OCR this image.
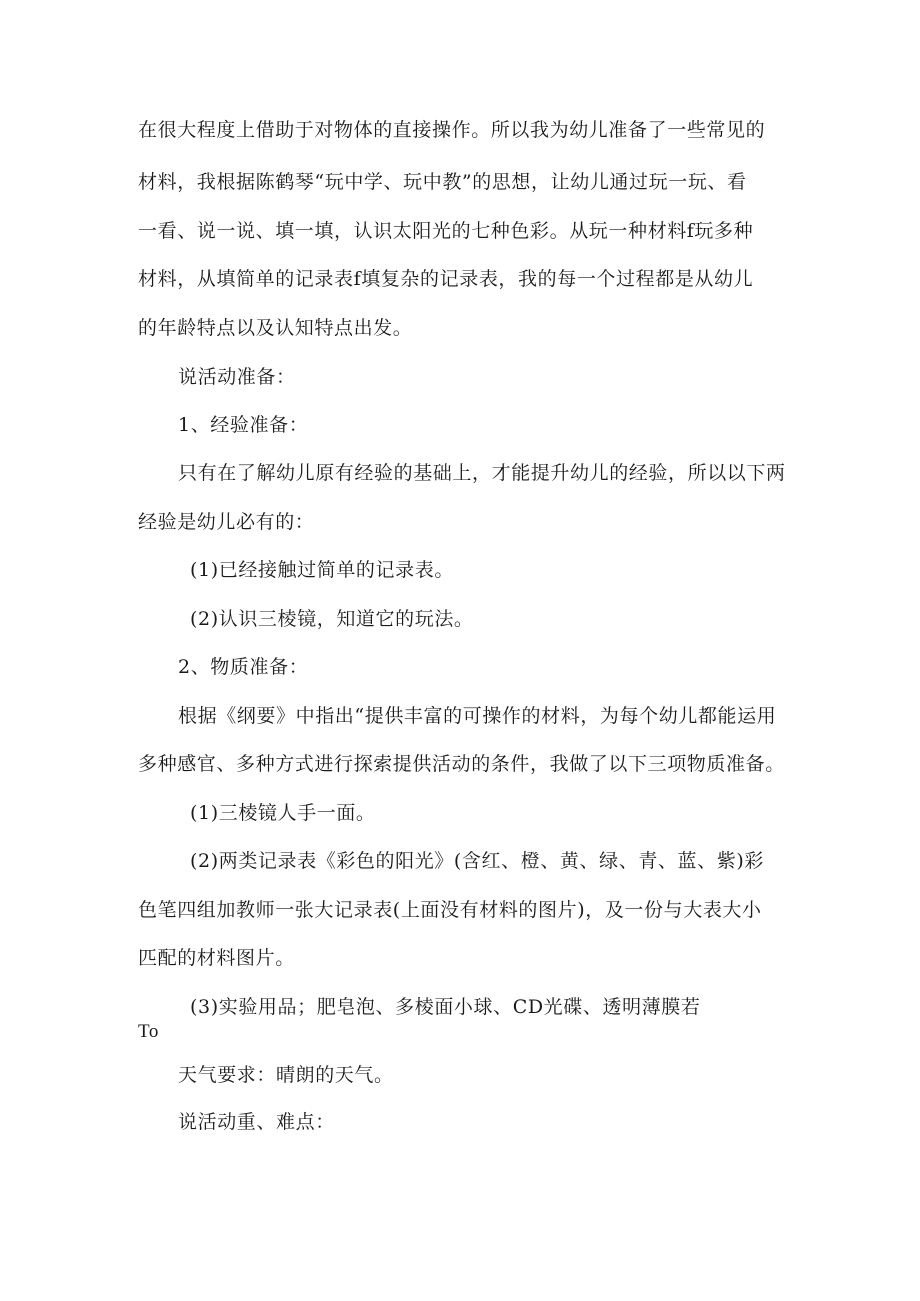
在很大程度上借助于对物体的直接操作。所以我为幼儿准备了一些常见的
材料，我根据陈鹤琴“玩中学、玩中教”的思想，让幼儿通过玩一玩、看
一看、说一说、填一填，认识太阳光的七种色彩。从玩一种材料f玩多种
材料，从填简单的记录表f填复杂的记录表，我的每一个过程都是从幼儿
的年龄特点以及认知特点出发。
说活动准备：
1、经验准备：
只有在了解幼儿原有经验的基础上，才能提升幼儿的经验，所以以下两
经验是幼儿必有的：
(1)已经接触过简单的记录表。
(2)认识三棱镜，知道它的玩法。
2、物质准备：
根据《纲要》中指出“提供丰富的可操作的材料，为每个幼儿都能运用
多种感官、多种方式进行探索提供活动的条件，我做了以下三项物质准备。
(1)三棱镜人手一面。
(2)两类记录表《彩色的阳光》(含红、橙、黄、绿、青、蓝、紫)彩
色笔四组加教师一张大记录表(上面没有材料的图片)，及一份与大表大小
匹配的材料图片。
(3)实验用品；肥皂泡、多棱面小球、CD光碟、透明薄膜若
To
天气要求：晴朗的天气。
说活动重、难点：
